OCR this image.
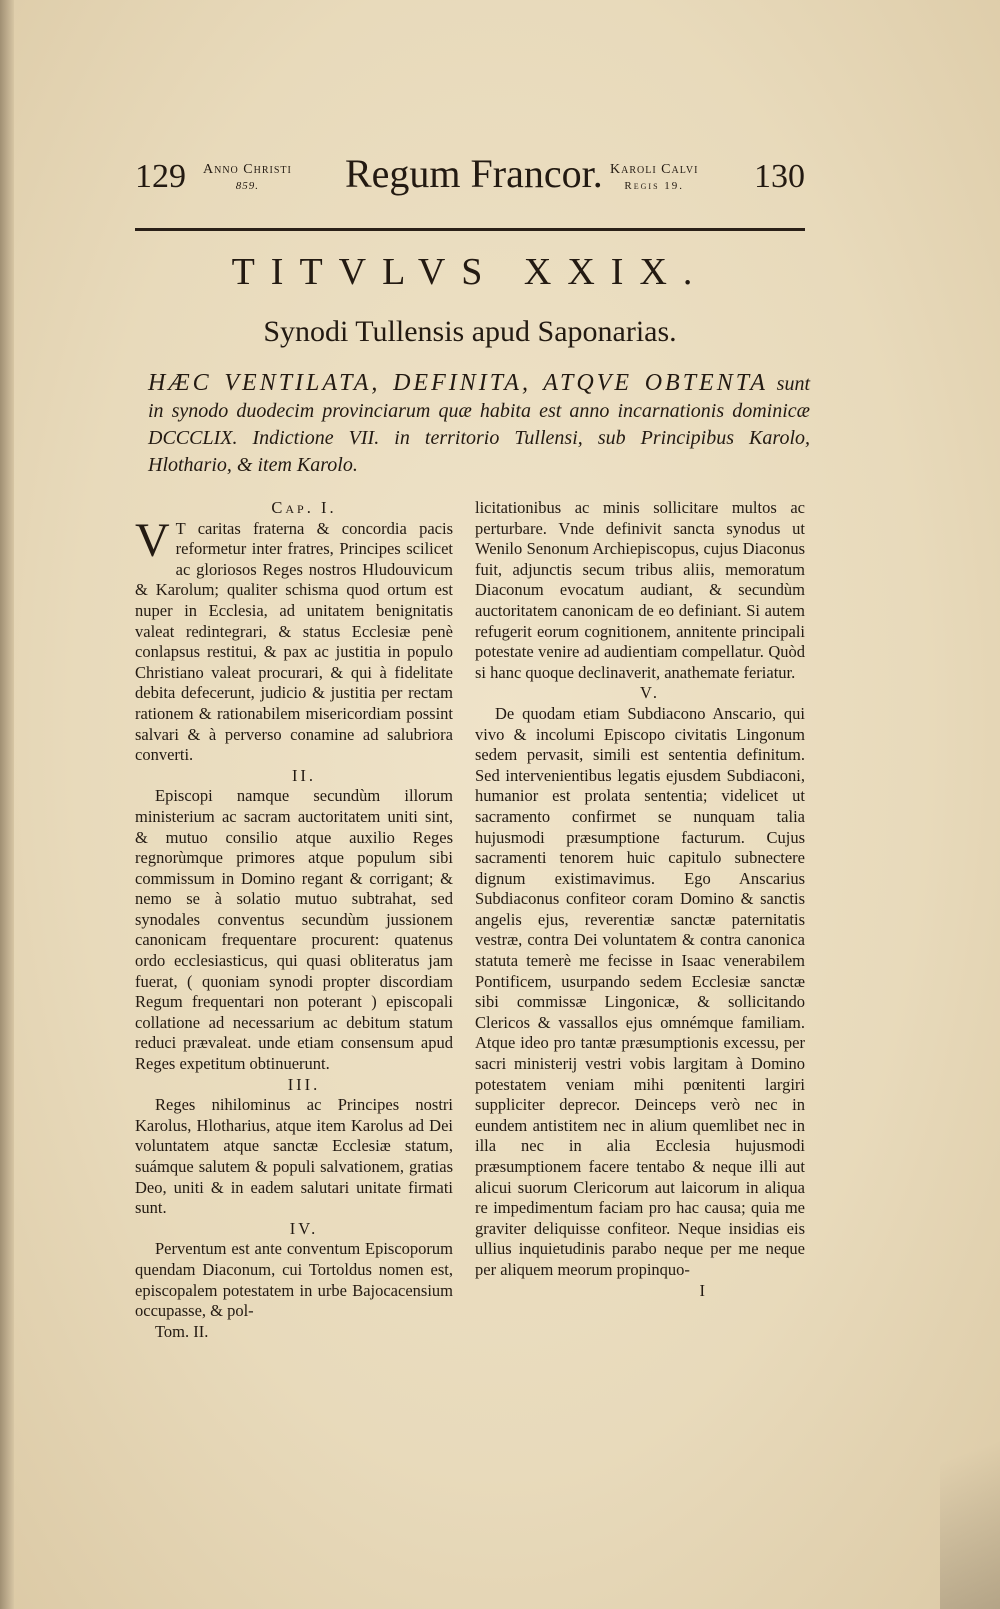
129 Anno Christi
859.	Regum Francor. Karoli Calvi
Regis 19.	130
TITVLVS XXIX.
Synodi Tullensis apud Saponarias.
HÆC VENTILATA, DEFINITA, ATQVE OBTENTA sunt in synodo duodecim provinciarum quæ habita est anno incarnationis dominicæ DCCCLIX. Indictione VII. in territorio Tullensi, sub Principibus Karolo, Hlothario, & item Karolo.

Cap. I.

V T caritas fraterna & concordia pacis reformetur inter fratres, Principes scilicet ac gloriosos Reges nostros Hludouvicum & Karolum; qualiter schisma quod ortum est nuper in Ecclesia, ad unitatem benignitatis valeat redintegrari, & status Ecclesiæ penè conlapsus restitui, & pax ac justitia in populo Christiano valeat procurari, & qui à fidelitate debita defecerunt, judicio & justitia per rectam rationem & rationabilem misericordiam possint salvari & à perverso conamine ad salubriora converti.

II.

Episcopi namque secundùm illorum ministerium ac sacram auctoritatem uniti sint, & mutuo consilio atque auxilio Reges regnorùmque primores atque populum sibi commissum in Domino regant & corrigant; & nemo se à solatio mutuo subtrahat, sed synodales conventus secundùm jussionem canonicam frequentare procurent: quatenus ordo ecclesiasticus, qui quasi obliteratus jam fuerat, ( quoniam synodi propter discordiam Regum frequentari non poterant ) episcopali collatione ad necessarium ac debitum statum reduci prævaleat. unde etiam consensum apud Reges expetitum obtinuerunt.

III.

Reges nihilominus ac Principes nostri Karolus, Hlotharius, atque item Karolus ad Dei voluntatem atque sanctæ Ecclesiæ statum, suámque salutem & populi salvationem, gratias Deo, uniti & in eadem salutari unitate firmati sunt.

IV.

Perventum est ante conventum Episcoporum quendam Diaconum, cui Tortoldus nomen est, episcopalem potestatem in urbe Bajocacensium occupasse, & pol-

Tom. II.

licitationibus ac minis sollicitare multos ac perturbare. Vnde definivit sancta synodus ut Wenilo Senonum Archiepiscopus, cujus Diaconus fuit, adjunctis secum tribus aliis, memoratum Diaconum evocatum audiant, & secundùm auctoritatem canonicam de eo definiant. Si autem refugerit eorum cognitionem, annitente principali potestate venire ad audientiam compellatur. Quòd si hanc quoque declinaverit, anathemate feriatur.

V.

De quodam etiam Subdiacono Anscario, qui vivo & incolumi Episcopo civitatis Lingonum sedem pervasit, simili est sententia definitum. Sed intervenientibus legatis ejusdem Subdiaconi, humanior est prolata sententia; videlicet ut sacramento confirmet se nunquam talia hujusmodi præsumptione facturum. Cujus sacramenti tenorem huic capitulo subnectere dignum existimavimus. Ego Anscarius Subdiaconus confiteor coram Domino & sanctis angelis ejus, reverentiæ sanctæ paternitatis vestræ, contra Dei voluntatem & contra canonica statuta temerè me fecisse in Isaac venerabilem Pontificem, usurpando sedem Ecclesiæ sanctæ sibi commissæ Lingonicæ, & sollicitando Clericos & vassallos ejus omnémque familiam. Atque ideo pro tantæ præsumptionis excessu, per sacri ministerij vestri vobis largitam à Domino potestatem veniam mihi pœnitenti largiri suppliciter deprecor. Deinceps verò nec in eundem antistitem nec in alium quemlibet nec in illa nec in alia Ecclesia hujusmodi præsumptionem facere tentabo & neque illi aut alicui suorum Clericorum aut laicorum in aliqua re impedimentum faciam pro hac causa; quia me graviter deliquisse confiteor. Neque insidias eis ullius inquietudinis parabo neque per me neque per aliquem meorum propinquo-

I
